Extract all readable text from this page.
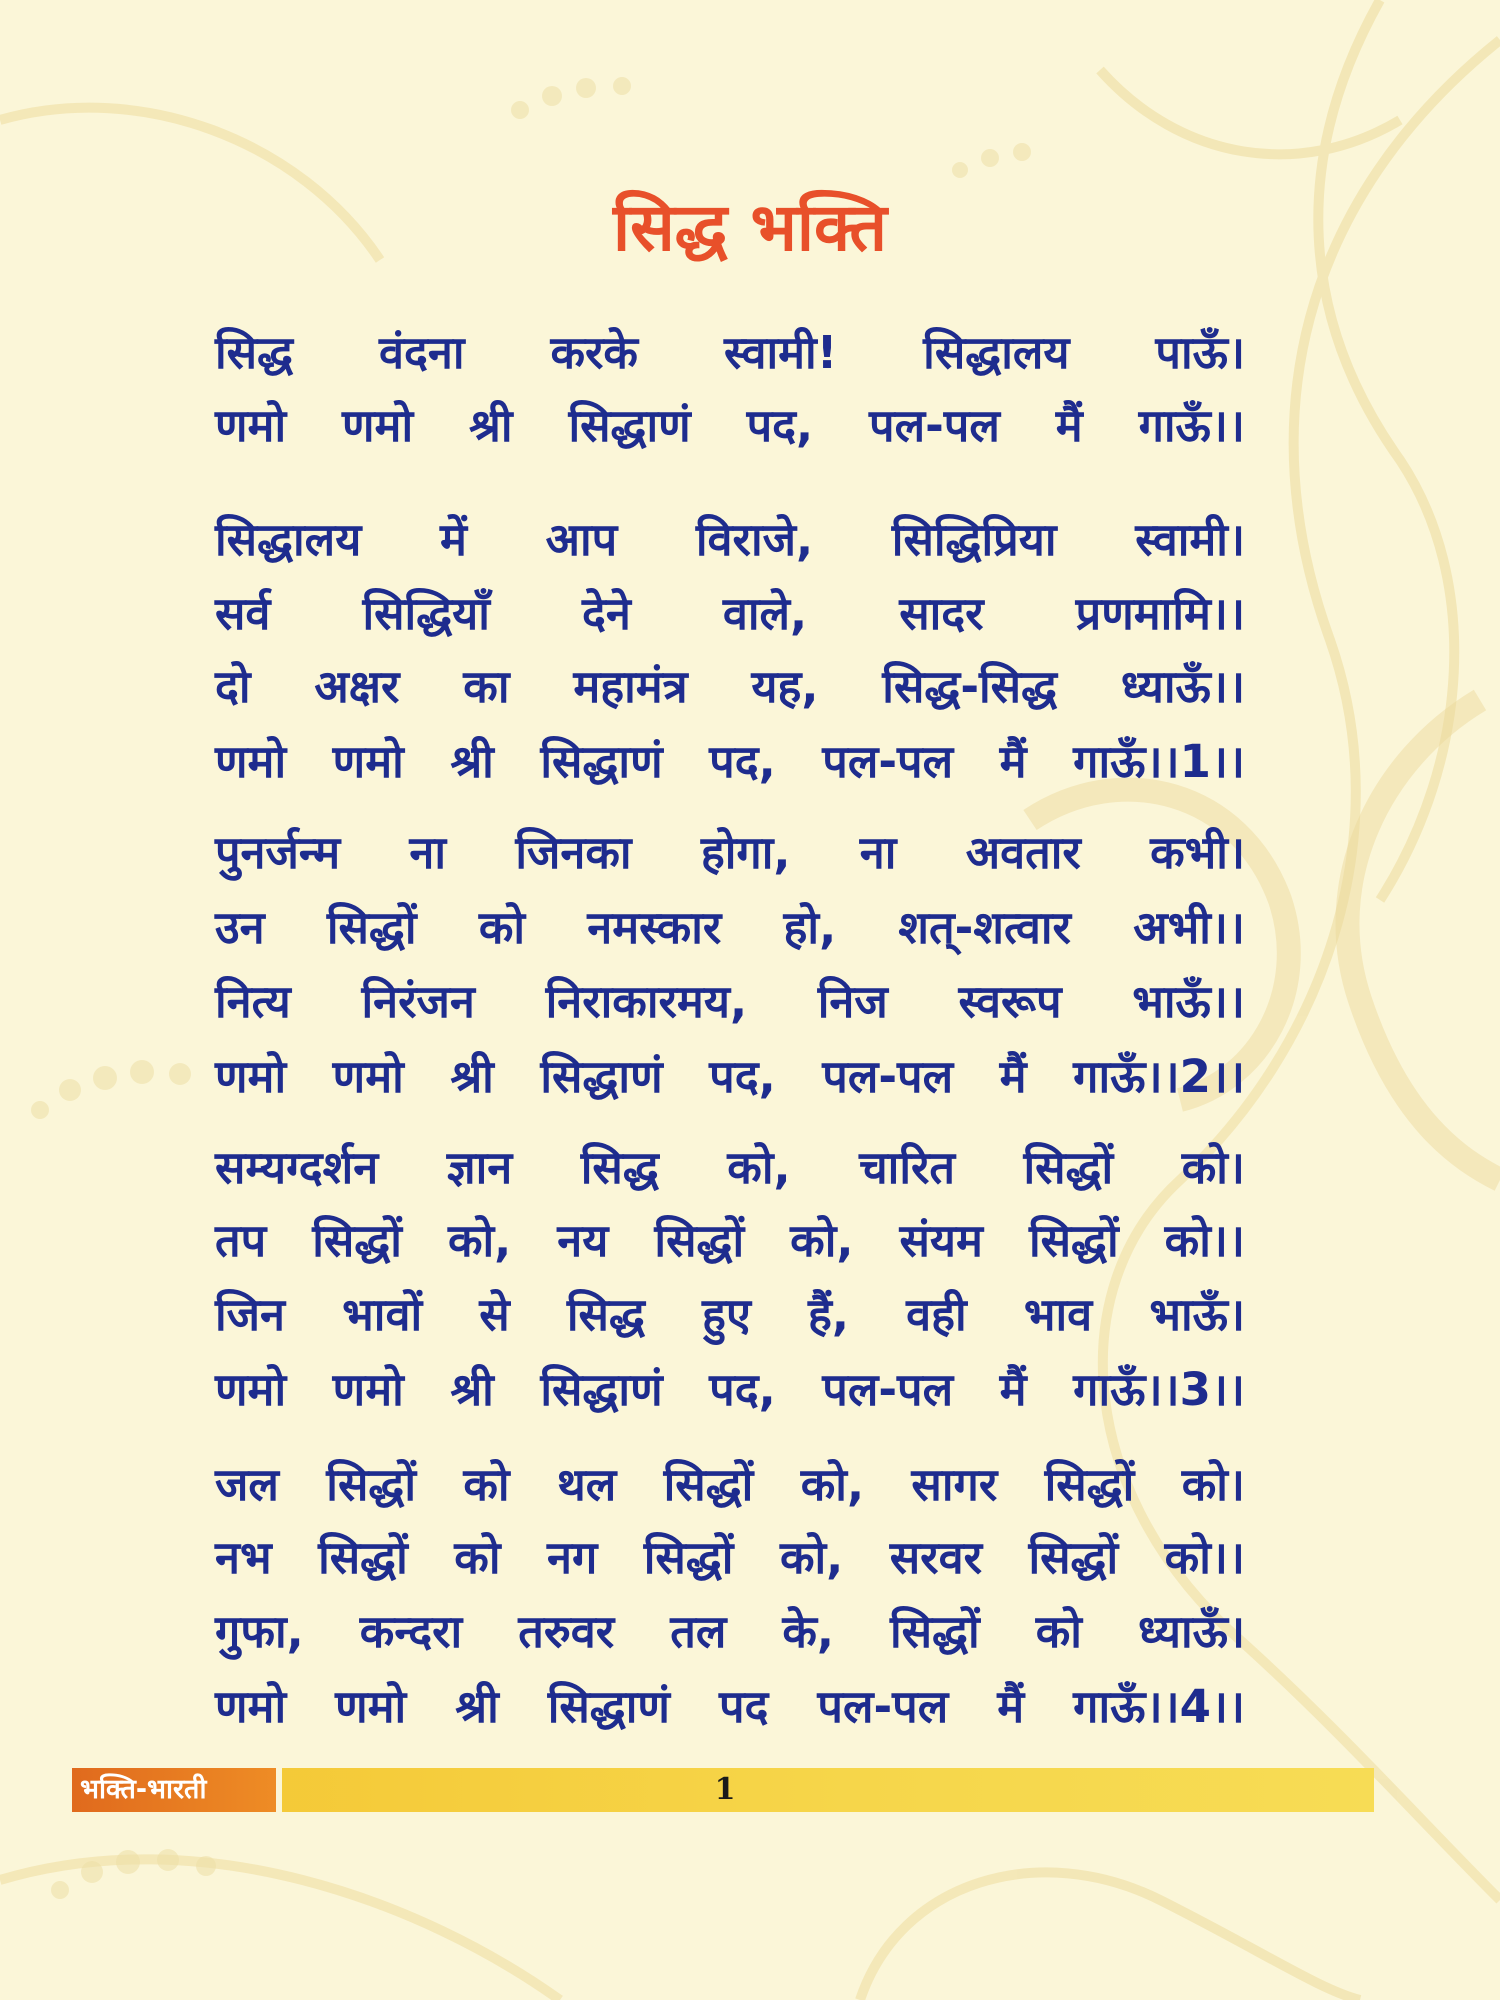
सिद्ध भक्ति
सिद्ध वंदना करके स्वामी! सिद्धालय पाऊँ।
णमो णमो श्री सिद्धाणं पद, पल-पल मैं गाऊँ।।
सिद्धालय में आप विराजे, सिद्धिप्रिया स्वामी।
सर्व सिद्धियाँ देने वाले, सादर प्रणमामि।।
दो अक्षर का महामंत्र यह, सिद्ध-सिद्ध ध्याऊँ।।
णमो णमो श्री सिद्धाणं पद, पल-पल मैं गाऊँ।।1।।
पुनर्जन्म ना जिनका होगा, ना अवतार कभी।
उन सिद्धों को नमस्कार हो, शत्-शत्वार अभी।।
नित्य निरंजन निराकारमय, निज स्वरूप भाऊँ।।
णमो णमो श्री सिद्धाणं पद, पल-पल मैं गाऊँ।।2।।
सम्यग्दर्शन ज्ञान सिद्ध को, चारित सिद्धों को।
तप सिद्धों को, नय सिद्धों को, संयम सिद्धों को।।
जिन भावों से सिद्ध हुए हैं, वही भाव भाऊँ।
णमो णमो श्री सिद्धाणं पद, पल-पल मैं गाऊँ।।3।।
जल सिद्धों को थल सिद्धों को, सागर सिद्धों को।
नभ सिद्धों को नग सिद्धों को, सरवर सिद्धों को।।
गुफा, कन्दरा तरुवर तल के, सिद्धों को ध्याऊँ।
णमो णमो श्री सिद्धाणं पद पल-पल मैं गाऊँ।।4।।
भक्ति-भारती	1
